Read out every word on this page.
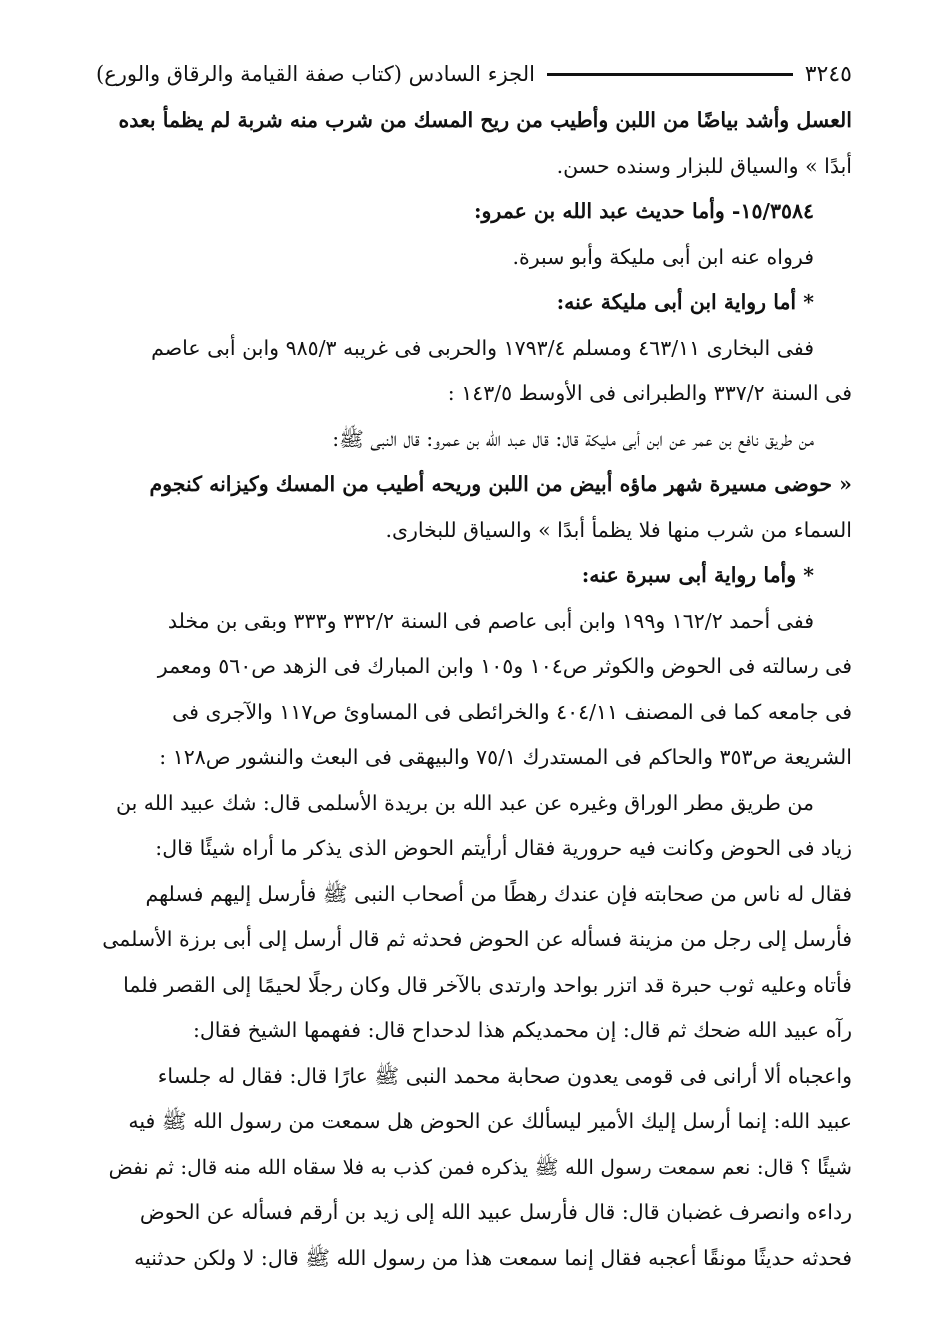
٣٢٤٥
الجزء السادس (كتاب صفة القيامة والرقاق والورع)
العسل وأشد بياضًا من اللبن وأطيب من ريح المسك من شرب منه شربة لم يظمأ بعده
أبدًا » والسياق للبزار وسنده حسن.
١٥/٣٥٨٤- وأما حديث عبد الله بن عمرو:
فرواه عنه ابن أبى مليكة وأبو سبرة.
* أما رواية ابن أبى مليكة عنه:
ففى البخارى ٤٦٣/١١ ومسلم ١٧٩٣/٤ والحربى فى غريبه ٩٨٥/٣ وابن أبى عاصم
فى السنة ٣٣٧/٢ والطبرانى فى الأوسط ١٤٣/٥ :
من طريق نافع بن عمر عن ابن أبى مليكة قال: قال عبد الله بن عمرو: قال النبى ﷺ:
« حوضى مسيرة شهر ماؤه أبيض من اللبن وريحه أطيب من المسك وكيزانه كنجوم
السماء من شرب منها فلا يظمأ أبدًا » والسياق للبخارى.
* وأما رواية أبى سبرة عنه:
ففى أحمد ١٦٢/٢ و١٩٩ وابن أبى عاصم فى السنة ٣٣٢/٢ و٣٣٣ وبقى بن مخلد
فى رسالته فى الحوض والكوثر ص١٠٤ و١٠٥ وابن المبارك فى الزهد ص٥٦٠ ومعمر
فى جامعه كما فى المصنف ٤٠٤/١١ والخرائطى فى المساوئ ص١١٧ والآجرى فى
الشريعة ص٣٥٣ والحاكم فى المستدرك ٧٥/١ والبيهقى فى البعث والنشور ص١٢٨ :
من طريق مطر الوراق وغيره عن عبد الله بن بريدة الأسلمى قال: شك عبيد الله بن
زياد فى الحوض وكانت فيه حرورية فقال أرأيتم الحوض الذى يذكر ما أراه شيئًا قال:
فقال له ناس من صحابته فإن عندك رهطًا من أصحاب النبى ﷺ فأرسل إليهم فسلهم
فأرسل إلى رجل من مزينة فسأله عن الحوض فحدثه ثم قال أرسل إلى أبى برزة الأسلمى
فأتاه وعليه ثوب حبرة قد اتزر بواحد وارتدى بالآخر قال وكان رجلًا لحيمًا إلى القصر فلما
رآه عبيد الله ضحك ثم قال: إن محمديكم هذا لدحداح قال: ففهمها الشيخ فقال:
واعجباه ألا أرانى فى قومى يعدون صحابة محمد النبى ﷺ عارًا قال: فقال له جلساء
عبيد الله: إنما أرسل إليك الأمير ليسألك عن الحوض هل سمعت من رسول الله ﷺ فيه
شيئًا ؟ قال: نعم سمعت رسول الله ﷺ يذكره فمن كذب به فلا سقاه الله منه قال: ثم نفض
رداءه وانصرف غضبان قال: قال فأرسل عبيد الله إلى زيد بن أرقم فسأله عن الحوض
فحدثه حديثًا مونقًا أعجبه فقال إنما سمعت هذا من رسول الله ﷺ قال: لا ولكن حدثنيه
